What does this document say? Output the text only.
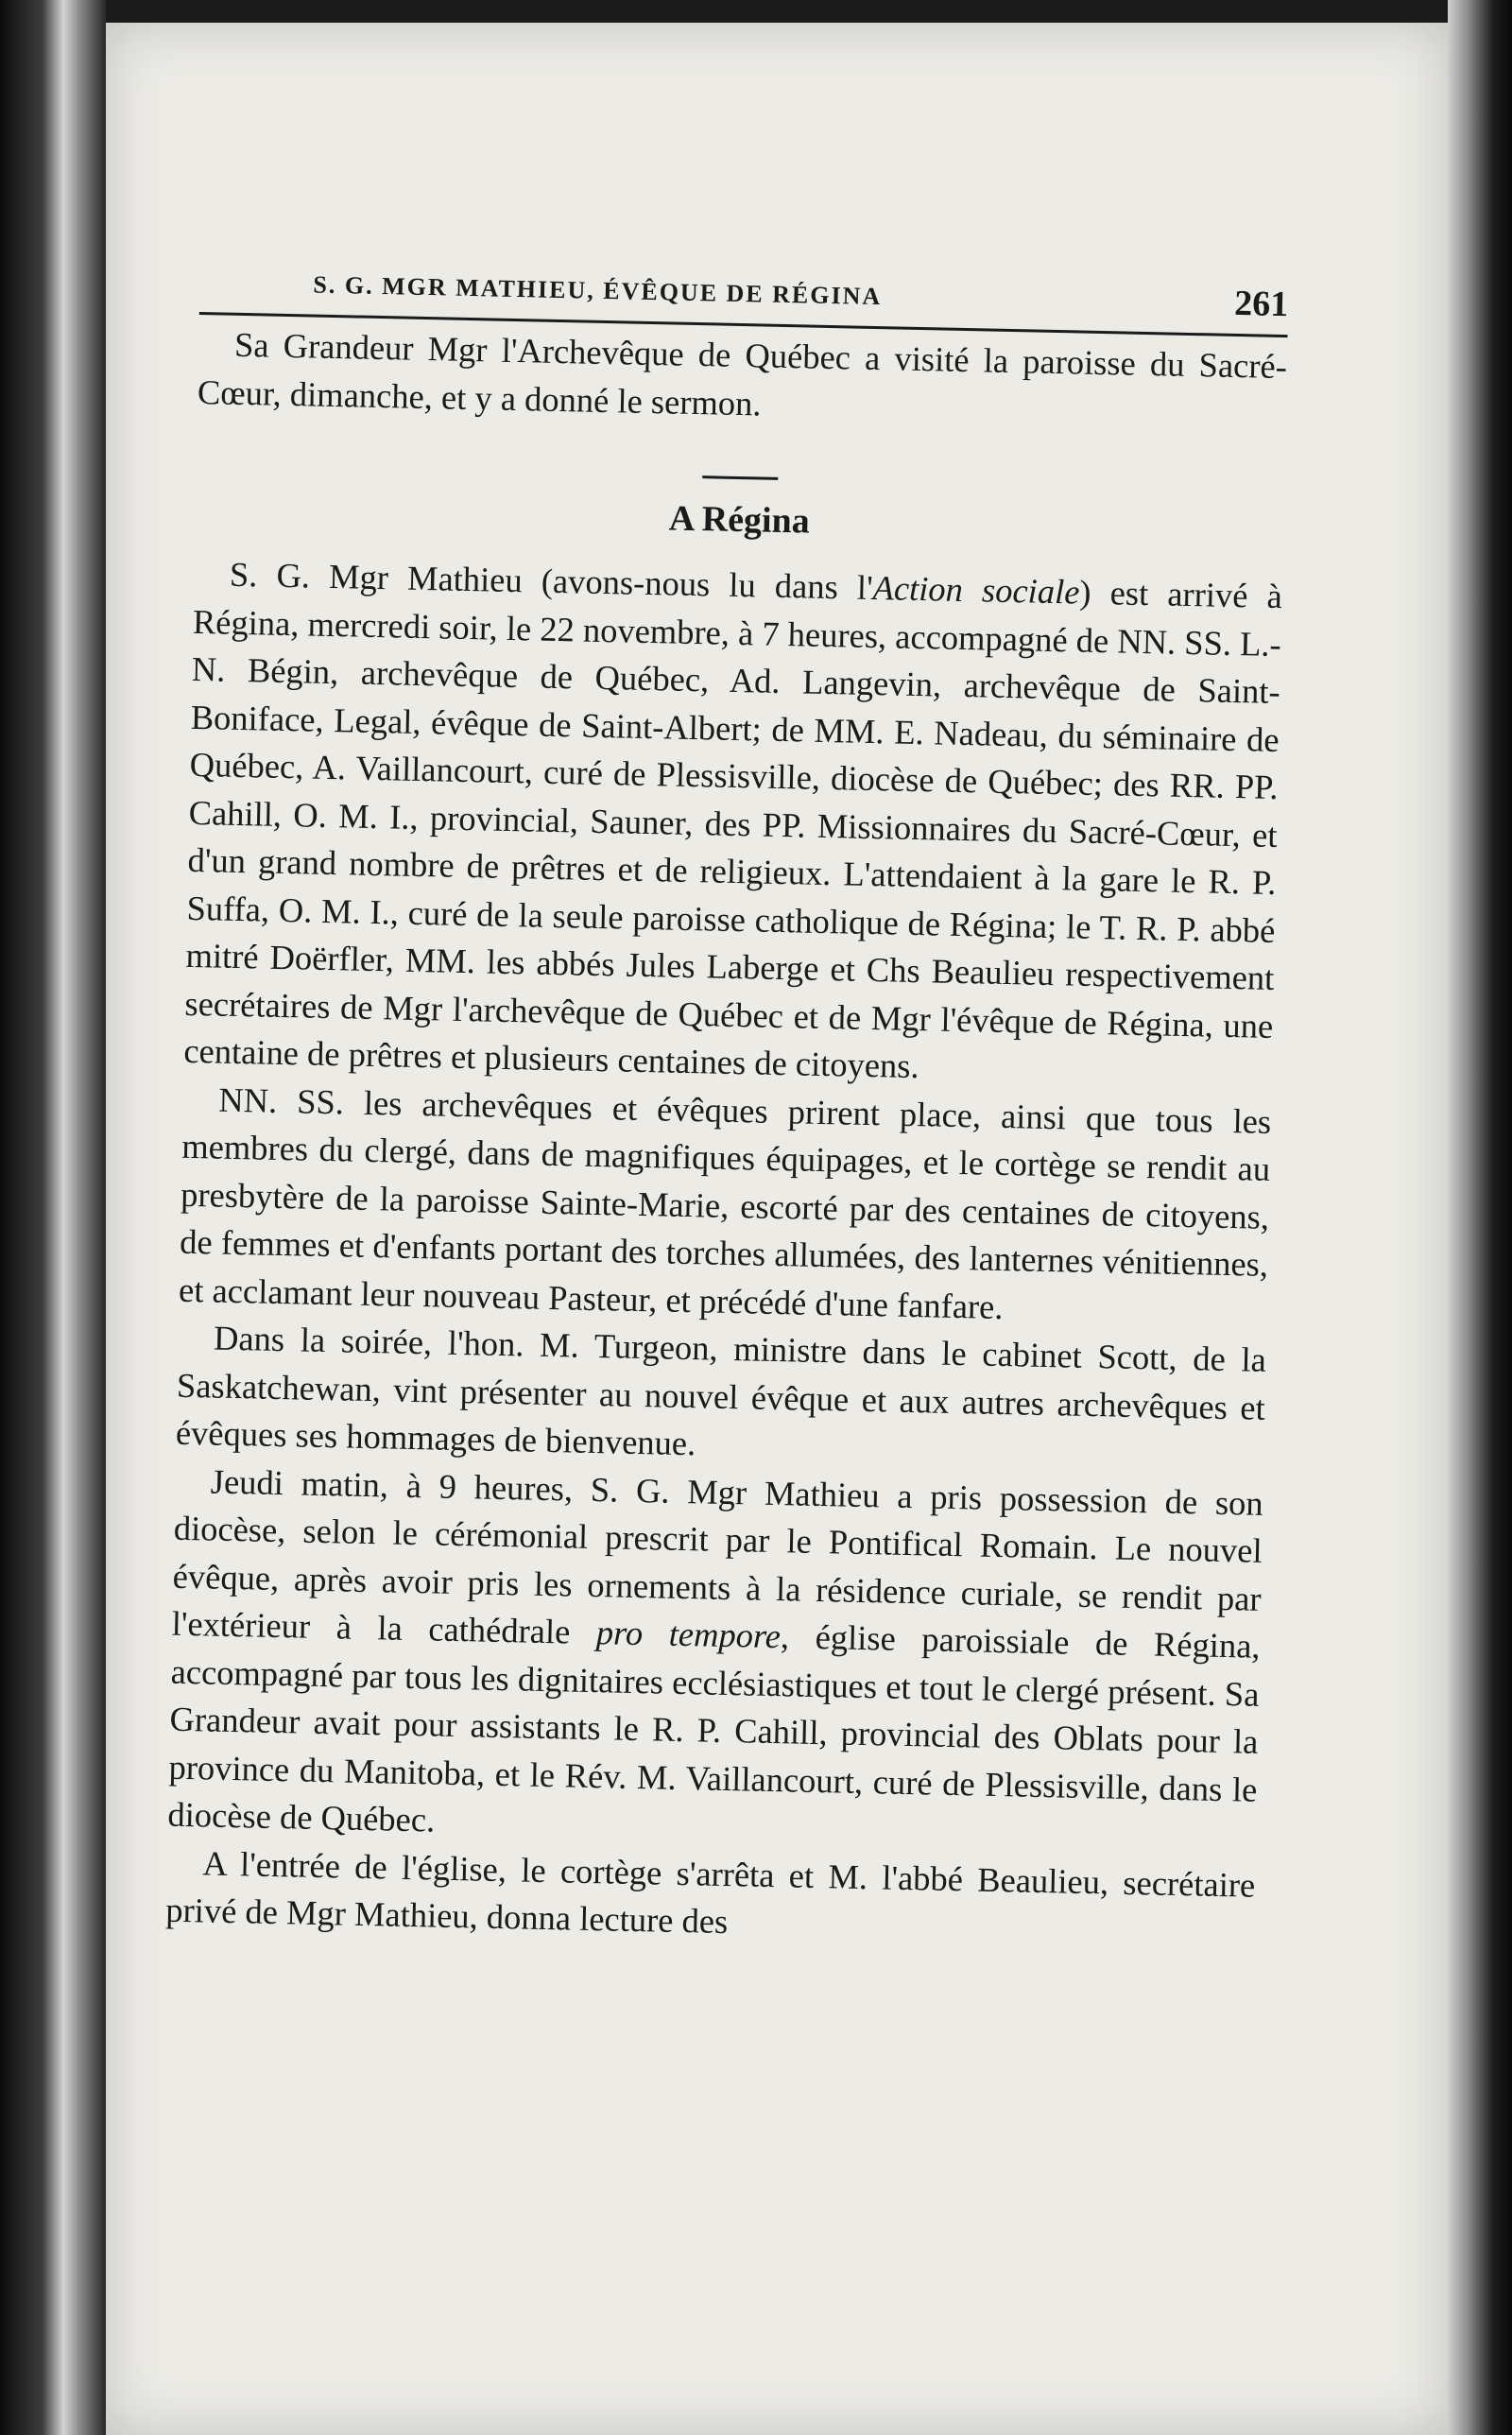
S. G. MGR MATHIEU, ÉVÊQUE DE RÉGINA	261

Sa Grandeur Mgr l'Archevêque de Québec a visité la paroisse du Sacré-Cœur, dimanche, et y a donné le sermon.

A Régina

S. G. Mgr Mathieu (avons-nous lu dans l'Action sociale) est arrivé à Régina, mercredi soir, le 22 novembre, à 7 heures, accompagné de NN. SS. L.-N. Bégin, archevêque de Québec, Ad. Langevin, archevêque de Saint-Boniface, Legal, évêque de Saint-Albert; de MM. E. Nadeau, du séminaire de Québec, A. Vaillancourt, curé de Plessisville, diocèse de Québec; des RR. PP. Cahill, O. M. I., provincial, Sauner, des PP. Missionnaires du Sacré-Cœur, et d'un grand nombre de prêtres et de religieux. L'attendaient à la gare le R. P. Suffa, O. M. I., curé de la seule paroisse catholique de Régina; le T. R. P. abbé mitré Doërfler, MM. les abbés Jules Laberge et Chs Beaulieu respectivement secrétaires de Mgr l'archevêque de Québec et de Mgr l'évêque de Régina, une centaine de prêtres et plusieurs centaines de citoyens.

NN. SS. les archevêques et évêques prirent place, ainsi que tous les membres du clergé, dans de magnifiques équipages, et le cortège se rendit au presbytère de la paroisse Sainte-Marie, escorté par des centaines de citoyens, de femmes et d'enfants portant des torches allumées, des lanternes vénitiennes, et acclamant leur nouveau Pasteur, et précédé d'une fanfare.

Dans la soirée, l'hon. M. Turgeon, ministre dans le cabinet Scott, de la Saskatchewan, vint présenter au nouvel évêque et aux autres archevêques et évêques ses hommages de bienvenue.

Jeudi matin, à 9 heures, S. G. Mgr Mathieu a pris possession de son diocèse, selon le cérémonial prescrit par le Pontifical Romain. Le nouvel évêque, après avoir pris les ornements à la résidence curiale, se rendit par l'extérieur à la cathédrale pro tempore, église paroissiale de Régina, accompagné par tous les dignitaires ecclésiastiques et tout le clergé présent. Sa Grandeur avait pour assistants le R. P. Cahill, provincial des Oblats pour la province du Manitoba, et le Rév. M. Vaillancourt, curé de Plessisville, dans le diocèse de Québec.

A l'entrée de l'église, le cortège s'arrêta et M. l'abbé Beaulieu, secrétaire privé de Mgr Mathieu, donna lecture des
